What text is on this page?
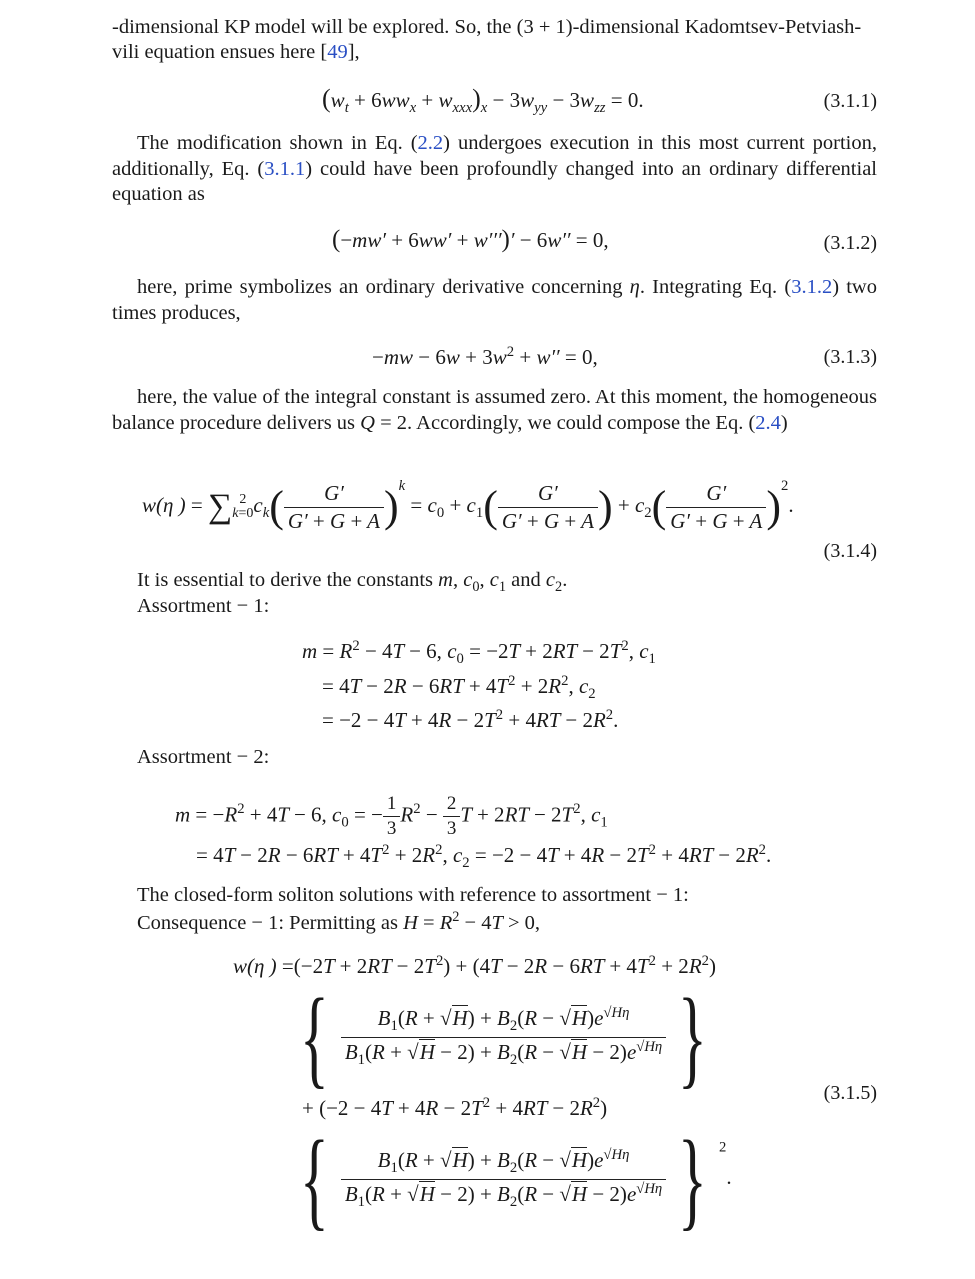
-dimensional KP model will be explored. So, the (3 + 1)-dimensional Kadomtsev-Petviash-
vili equation ensues here [49],
$(w_t + 6ww_x + w_{xxx})_x - 3w_{yy} - 3w_{zz} = 0$.	(3.1.1)
The modification shown in Eq. (2.2) undergoes execution in this most current portion, additionally, Eq. (3.1.1) could have been profoundly changed into an ordinary differential equation as
(−mw′ + 6ww′ + w′′′)′ − 6w′′ = 0,	(3.1.2)
here, prime symbolizes an ordinary derivative concerning η. Integrating Eq. (3.1.2) two times produces,
$-mw - 6w + 3w^2 + w'' = 0$,	(3.1.3)
here, the value of the integral constant is assumed zero. At this moment, the homogeneous balance procedure delivers us Q = 2. Accordingly, we could compose the Eq. (2.4)
w(η ) = ∑ 2
$k=0c_k( \frac{G'}{G' + G + A} )^k = c_0 + c_1( \frac{G'}{G' + G + A}$ ) + $c_2( \frac{G'}{G' + G + A} )^2$.
(3.1.4)
It is essential to derive the constants m, $c_0$, $c_1$ and $c_2$.
Assortment − 1:
$m = R^2 - 4T - 6$, $c_0 = -2T + 2RT - 2T^2$, $c_1$
= $4T - 2R - 6RT + 4T^2 + 2R^2$, $c_2$
= $-2 - 4T + 4R - 2T^2 + 4RT - 2R^2$.
Assortment − 2:
$m = -R^2 + 4T - 6$, $c_0$ = − $\frac{1}{3} R^2 - \frac{2}{3}$ $T + 2RT - 2T^2$, $c_1$
= $4T - 2R - 6RT + 4T^2 + 2R^2$, $c_2 = -2 - 4T + 4R - 2T^2 + 4RT - 2R^2$.
The closed-form soliton solutions with reference to assortment − 1:
Consequence − 1: Permitting as $H = R^2 - 4T > 0$,
w(η ) $=(-2T + 2RT - 2T^2) + (4T - 2R - 6RT + 4T^2 + 2R^2)$
{ $\frac{B_1(R + √H) + B_2(R - √H)e^{√H\eta}}{B_1(R + √H - 2) + B_2(R - √H - 2)e^{√H\eta}}$ }
+ $(-2 - 4T + 4R - 2T^2 + 4RT - 2R^2)$
(3.1.5)
{ $\frac{B_1(R + √H) + B_2(R - √H)e^{√H\eta}}{B_1(R + √H - 2) + B_2(R - √H - 2)e^{√H\eta}}$ } $^2$.
